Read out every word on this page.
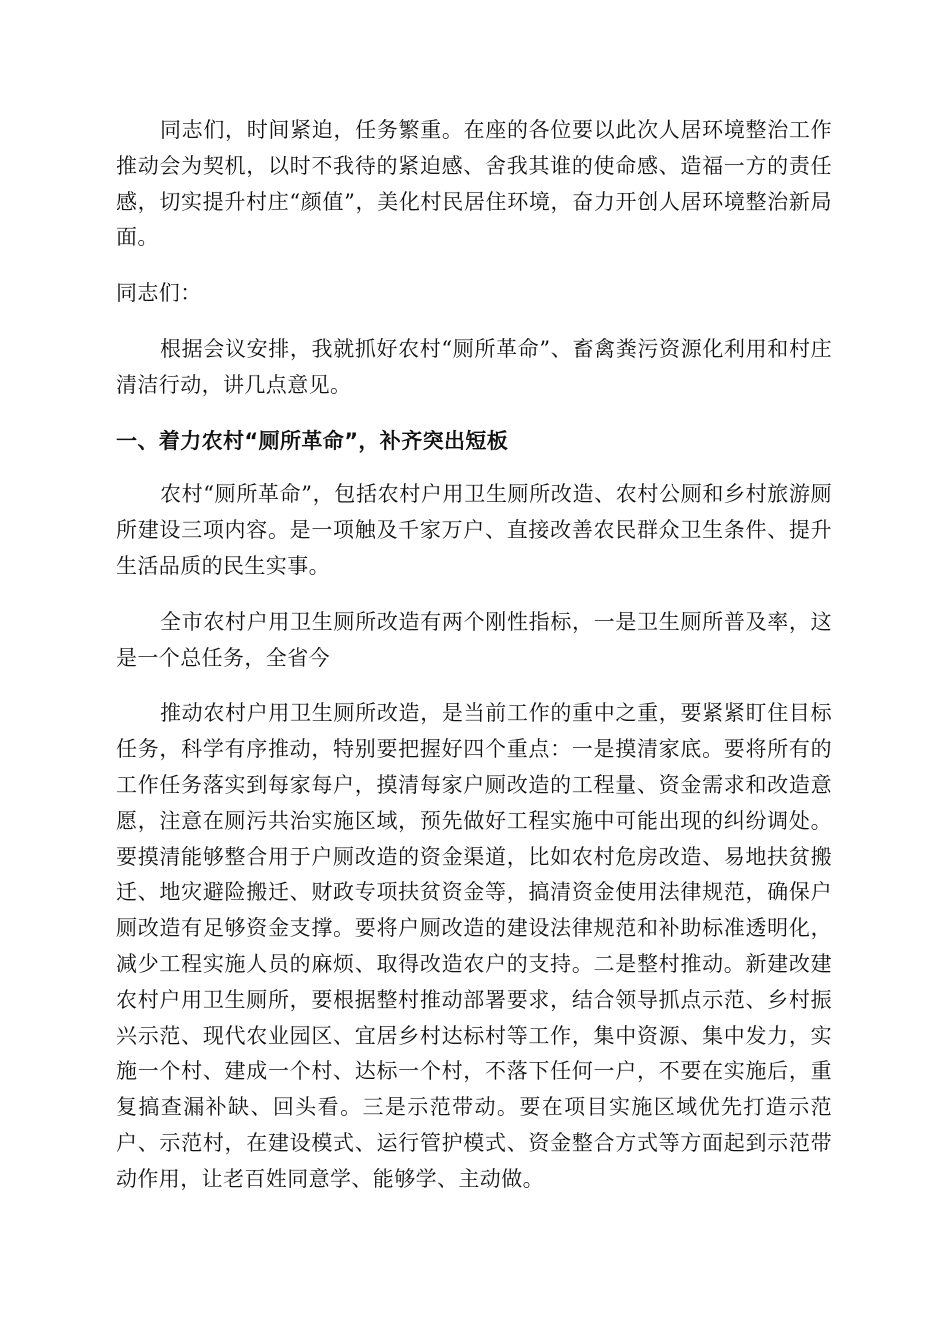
同志们，时间紧迫，任务繁重。在座的各位要以此次人居环境整治工作推动会为契机，以时不我待的紧迫感、舍我其谁的使命感、造福一方的责任感，切实提升村庄“颜值”，美化村民居住环境，奋力开创人居环境整治新局面。

同志们：

根据会议安排，我就抓好农村“厕所革命”、畜禽粪污资源化利用和村庄清洁行动，讲几点意见。

一、着力农村“厕所革命”，补齐突出短板

农村“厕所革命”，包括农村户用卫生厕所改造、农村公厕和乡村旅游厕所建设三项内容。是一项触及千家万户、直接改善农民群众卫生条件、提升生活品质的民生实事。

全市农村户用卫生厕所改造有两个刚性指标，一是卫生厕所普及率，这是一个总任务，全省今

推动农村户用卫生厕所改造，是当前工作的重中之重，要紧紧盯住目标任务，科学有序推动，特别要把握好四个重点：一是摸清家底。要将所有的工作任务落实到每家每户，摸清每家户厕改造的工程量、资金需求和改造意愿，注意在厕污共治实施区域，预先做好工程实施中可能出现的纠纷调处。要摸清能够整合用于户厕改造的资金渠道，比如农村危房改造、易地扶贫搬迁、地灾避险搬迁、财政专项扶贫资金等，搞清资金使用法律规范，确保户厕改造有足够资金支撑。要将户厕改造的建设法律规范和补助标准透明化，减少工程实施人员的麻烦、取得改造农户的支持。二是整村推动。新建改建农村户用卫生厕所，要根据整村推动部署要求，结合领导抓点示范、乡村振兴示范、现代农业园区、宜居乡村达标村等工作，集中资源、集中发力，实施一个村、建成一个村、达标一个村，不落下任何一户，不要在实施后，重复搞查漏补缺、回头看。三是示范带动。要在项目实施区域优先打造示范户、示范村，在建设模式、运行管护模式、资金整合方式等方面起到示范带动作用，让老百姓同意学、能够学、主动做。
